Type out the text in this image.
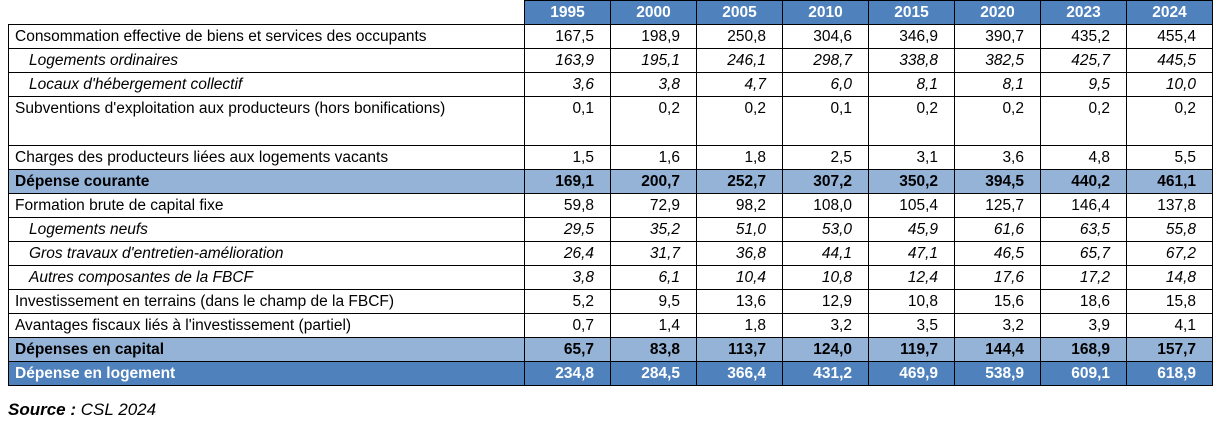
	1995	2000	2005	2010	2015	2020	2023	2024
Consommation effective de biens et services des occupants	167,5	198,9	250,8	304,6	346,9	390,7	435,2	455,4
Logements ordinaires	163,9	195,1	246,1	298,7	338,8	382,5	425,7	445,5
Locaux d'hébergement collectif	3,6	3,8	4,7	6,0	8,1	8,1	9,5	10,0
Subventions d'exploitation aux producteurs (hors bonifications)	0,1	0,2	0,2	0,1	0,2	0,2	0,2	0,2
Charges des producteurs liées aux logements vacants	1,5	1,6	1,8	2,5	3,1	3,6	4,8	5,5
Dépense courante	169,1	200,7	252,7	307,2	350,2	394,5	440,2	461,1
Formation brute de capital fixe	59,8	72,9	98,2	108,0	105,4	125,7	146,4	137,8
Logements neufs	29,5	35,2	51,0	53,0	45,9	61,6	63,5	55,8
Gros travaux d'entretien-amélioration	26,4	31,7	36,8	44,1	47,1	46,5	65,7	67,2
Autres composantes de la FBCF	3,8	6,1	10,4	10,8	12,4	17,6	17,2	14,8
Investissement en terrains (dans le champ de la FBCF)	5,2	9,5	13,6	12,9	10,8	15,6	18,6	15,8
Avantages fiscaux liés à l'investissement (partiel)	0,7	1,4	1,8	3,2	3,5	3,2	3,9	4,1
Dépenses en capital	65,7	83,8	113,7	124,0	119,7	144,4	168,9	157,7
Dépense en logement	234,8	284,5	366,4	431,2	469,9	538,9	609,1	618,9
Source : CSL 2024
